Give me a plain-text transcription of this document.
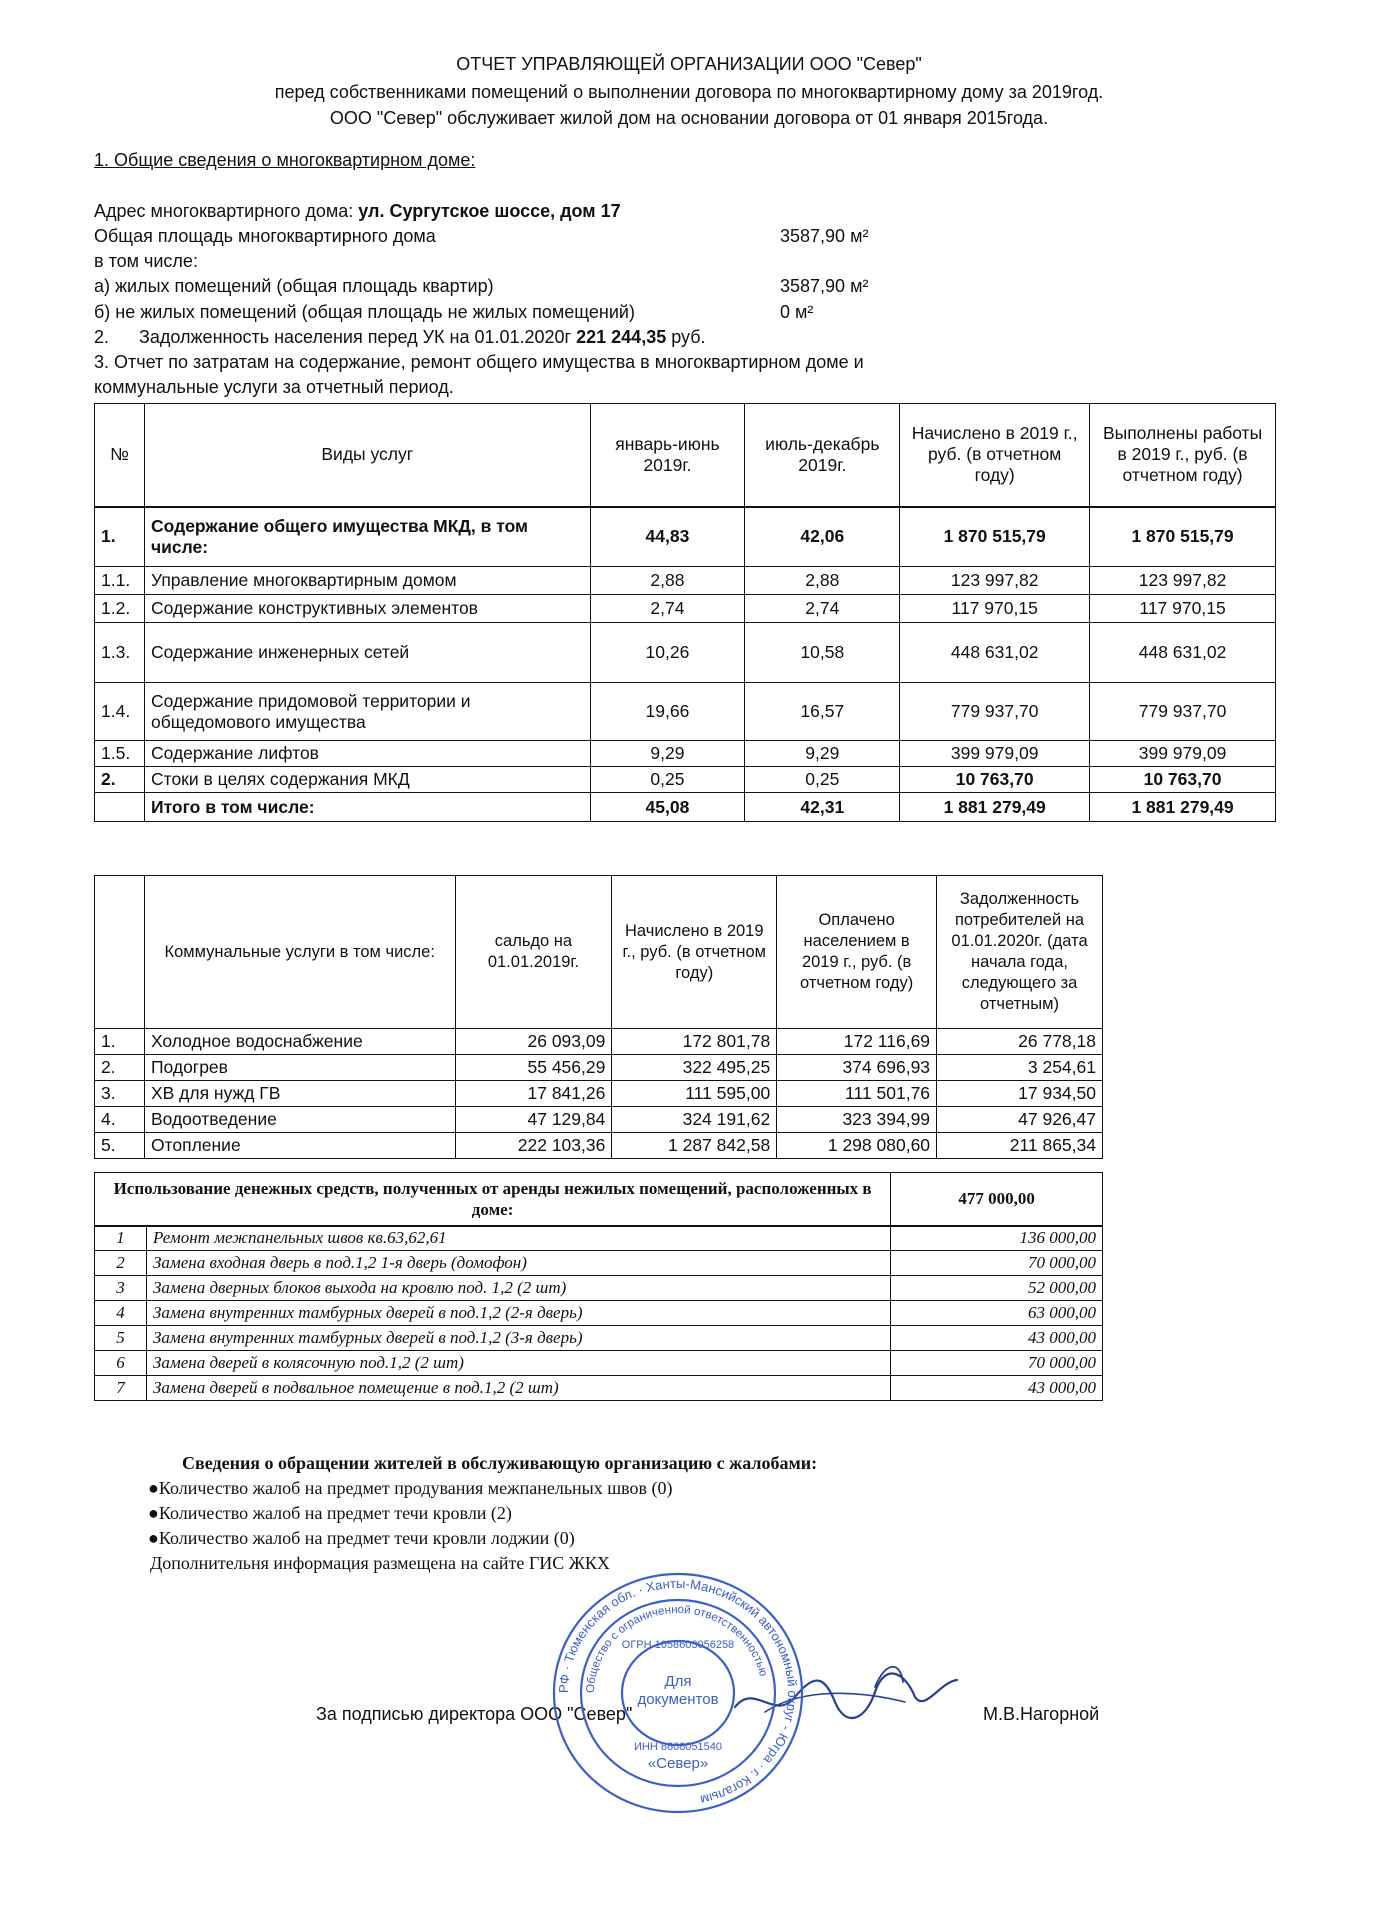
ОТЧЕТ УПРАВЛЯЮЩЕЙ ОРГАНИЗАЦИИ ООО "Север"
перед собственниками помещений о выполнении договора по многоквартирному дому за 2019год.
ООО "Север" обслуживает жилой дом на основании договора от 01 января 2015года.
1. Общие сведения о многоквартирном доме:
Адрес многоквартирного дома: ул. Сургутское шоссе, дом 17
Общая площадь многоквартирного дома	3587,90 м²
в том числе:
а) жилых помещений (общая площадь квартир)	3587,90 м²
б) не жилых помещений (общая площадь не жилых помещений)	0 м²
2. Задолженность населения перед УК на 01.01.2020г 221 244,35 руб.
3. Отчет по затратам на содержание, ремонт общего имущества в многоквартирном доме и
коммунальные услуги за отчетный период.
№	Виды услуг	январь-июнь 2019г.	июль-декабрь 2019г.	Начислено в 2019 г., руб. (в отчетном году)	Выполнены работы в 2019 г., руб. (в отчетном году)
1.	Содержание общего имущества МКД, в том числе:	44,83	42,06	1 870 515,79	1 870 515,79
1.1.	Управление многоквартирным домом	2,88	2,88	123 997,82	123 997,82
1.2.	Содержание конструктивных элементов	2,74	2,74	117 970,15	117 970,15
1.3.	Содержание инженерных сетей	10,26	10,58	448 631,02	448 631,02
1.4.	Содержание придомовой территории и общедомового имущества	19,66	16,57	779 937,70	779 937,70
1.5.	Содержание лифтов	9,29	9,29	399 979,09	399 979,09
2.	Стоки в целях содержания МКД	0,25	0,25	10 763,70	10 763,70
	Итого в том числе:	45,08	42,31	1 881 279,49	1 881 279,49
	Коммунальные услуги в том числе:	сальдо на 01.01.2019г.	Начислено в 2019 г., руб. (в отчетном году)	Оплачено населением в 2019 г., руб. (в отчетном году)	Задолженность потребителей на 01.01.2020г. (дата начала года, следующего за отчетным)
1.	Холодное водоснабжение	26 093,09	172 801,78	172 116,69	26 778,18
2.	Подогрев	55 456,29	322 495,25	374 696,93	3 254,61
3.	ХВ для нужд ГВ	17 841,26	111 595,00	111 501,76	17 934,50
4.	Водоотведение	47 129,84	324 191,62	323 394,99	47 926,47
5.	Отопление	222 103,36	1 287 842,58	1 298 080,60	211 865,34
Использование денежных средств, полученных от аренды нежилых помещений, расположенных в доме:		477 000,00
1	Ремонт межпанельных швов кв.63,62,61	136 000,00
2	Замена входная дверь в под.1,2 1-я дверь (домофон)	70 000,00
3	Замена дверных блоков выхода на кровлю под. 1,2 (2 шт)	52 000,00
4	Замена внутренних тамбурных дверей в под.1,2 (2-я дверь)	63 000,00
5	Замена внутренних тамбурных дверей в под.1,2 (3-я дверь)	43 000,00
6	Замена дверей в колясочную под.1,2 (2 шт)	70 000,00
7	Замена дверей в подвальное помещение в под.1,2 (2 шт)	43 000,00
Сведения о обращении жителей в обслуживающую организацию с жалобами:
●Количество жалоб на предмет продувания межпанельных швов (0)
●Количество жалоб на предмет течи кровли (2)
●Количество жалоб на предмет течи кровли лоджии (0)
Дополнительня информация размещена на сайте ГИС ЖКХ
За подписью директора ООО "Север"	М.В.Нагорной
РФ · Тюменская обл. · Ханты-Мансийский автономный округ - Югра · г. Когалым
Общество с ограниченной ответственностью
ОГРН 1058603056258
Для
документов
ИНН 8608051540
«Север»
